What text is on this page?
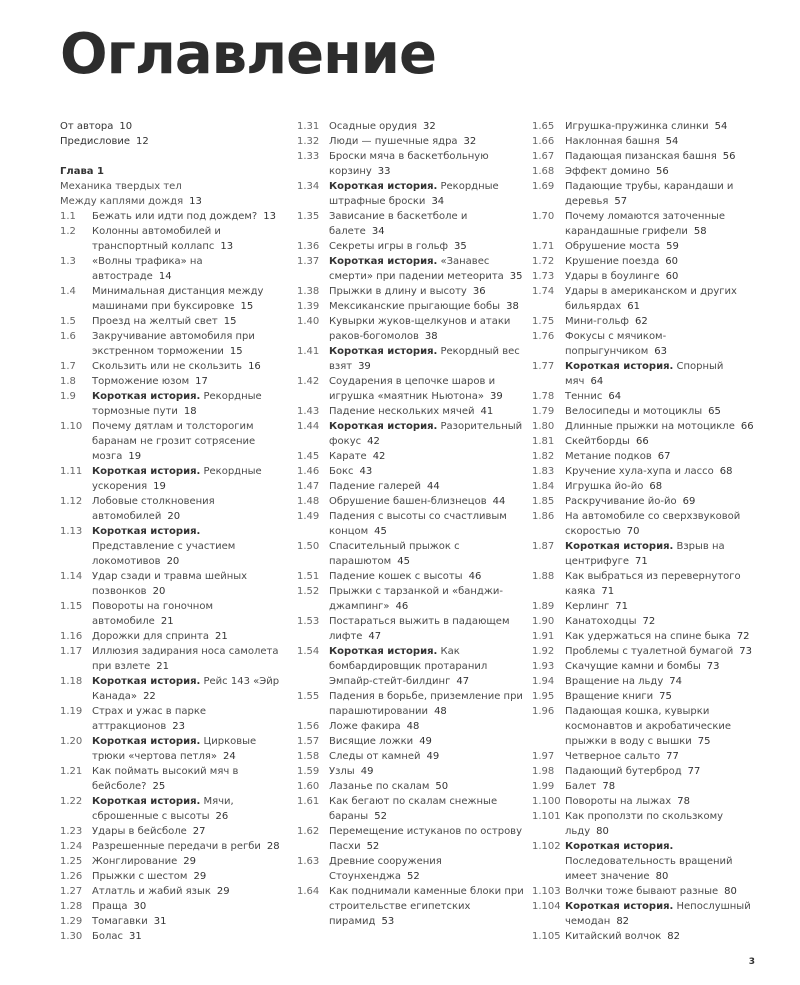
Оглавление
От автора 10
Предисловие 12
Глава 1
Механика твердых тел
Между каплями дождя 13
1.1	Бежать или идти под дождем? 13
1.2	Колонны автомобилей и транспортный коллапс 13
1.3	«Волны трафика» на автостраде 14
1.4	Минимальная дистанция между машинами при буксировке 15
1.5	Проезд на желтый свет 15
1.6	Закручивание автомобиля при экстренном торможении 15
1.7	Скользить или не скользить 16
1.8	Торможение юзом 17
1.9	Короткая история. Рекордные тормозные пути 18
1.10 Почему дятлам и толсторогим баранам не грозит сотрясение мозга 19
1.11 Короткая история. Рекордные ускорения 19
1.12 Лобовые столкновения автомобилей 20
1.13 Короткая история. Представление с участием локомотивов 20
1.14 Удар сзади и травма шейных позвонков 20
1.15 Повороты на гоночном автомобиле 21
1.16 Дорожки для спринта 21
1.17 Иллюзия задирания носа самолета при взлете 21
1.18 Короткая история. Рейс 143 «Эйр Канада» 22
1.19 Страх и ужас в парке аттракционов 23
1.20 Короткая история. Цирковые трюки «чертова петля» 24
1.21 Как поймать высокий мяч в бейсболе? 25
1.22 Короткая история. Мячи, сброшенные с высоты 26
1.23 Удары в бейсболе 27
1.24 Разрешенные передачи в регби 28
1.25 Жонглирование 29
1.26 Прыжки с шестом 29
1.27 Атлатль и жабий язык 29
1.28 Праща 30
1.29 Томагавки 31
1.30 Болас 31
1.31 Осадные орудия 32
1.32 Люди — пушечные ядра 32
1.33 Броски мяча в баскетбольную корзину 33
1.34 Короткая история. Рекордные штрафные броски 34
1.35 Зависание в баскетболе и балете 34
1.36 Секреты игры в гольф 35
1.37 Короткая история. «Занавес смерти» при падении метеорита 35
1.38 Прыжки в длину и высоту 36
1.39 Мексиканские прыгающие бобы 38
1.40 Кувырки жуков-щелкунов и атаки раков-богомолов 38
1.41 Короткая история. Рекордный вес взят 39
1.42 Соударения в цепочке шаров и игрушка «маятник Ньютона» 39
1.43 Падение нескольких мячей 41
1.44 Короткая история. Разорительный фокус 42
1.45 Карате 42
1.46 Бокс 43
1.47 Падение галерей 44
1.48 Обрушение башен-близнецов 44
1.49 Падения с высоты со счастливым концом 45
1.50 Спасительный прыжок с парашютом 45
1.51 Падение кошек с высоты 46
1.52 Прыжки с тарзанкой и «банджи-джампинг» 46
1.53 Постараться выжить в падающем лифте 47
1.54 Короткая история. Как бомбардировщик протаранил Эмпайр-стейт-билдинг 47
1.55 Падения в борьбе, приземление при парашютировании 48
1.56 Ложе факира 48
1.57 Висящие ложки 49
1.58 Следы от камней 49
1.59 Узлы 49
1.60 Лазанье по скалам 50
1.61 Как бегают по скалам снежные бараны 52
1.62 Перемещение истуканов по острову Пасхи 52
1.63 Древние сооружения Стоунхенджа 52
1.64 Как поднимали каменные блоки при строительстве египетских пирамид 53
1.65	Игрушка-пружинка слинки 54
1.66	Наклонная башня 54
1.67	Падающая пизанская башня 56
1.68	Эффект домино 56
1.69	Падающие трубы, карандаши и деревья 57
1.70	Почему ломаются заточенные карандашные грифели 58
1.71	Обрушение моста 59
1.72	Крушение поезда 60
1.73	Удары в боулинге 60
1.74	Удары в американском и других бильярдах 61
1.75	Мини-гольф 62
1.76	Фокусы с мячиком-попрыгунчиком 63
1.77	Короткая история. Спорный мяч 64
1.78	Теннис 64
1.79	Велосипеды и мотоциклы 65
1.80	Длинные прыжки на мотоцикле 66
1.81	Скейтборды 66
1.82	Метание подков 67
1.83	Кручение хула-хупа и лассо 68
1.84	Игрушка йо-йо 68
1.85	Раскручивание йо-йо 69
1.86	На автомобиле со сверхзвуковой скоростью 70
1.87	Короткая история. Взрыв на центрифуге 71
1.88	Как выбраться из перевернутого каяка 71
1.89	Керлинг 71
1.90	Канатоходцы 72
1.91	Как удержаться на спине быка 72
1.92	Проблемы с туалетной бумагой 73
1.93	Скачущие камни и бомбы 73
1.94	Вращение на льду 74
1.95	Вращение книги 75
1.96	Падающая кошка, кувырки космонавтов и акробатические прыжки в воду с вышки 75
1.97	Четверное сальто 77
1.98	Падающий бутерброд 77
1.99	Балет 78
1.100 Повороты на лыжах 78
1.101 Как проползти по скользкому льду 80
1.102 Короткая история. Последовательность вращений имеет значение 80
1.103 Волчки тоже бывают разные 80
1.104 Короткая история. Непослушный чемодан 82
1.105 Китайский волчок 82
3
